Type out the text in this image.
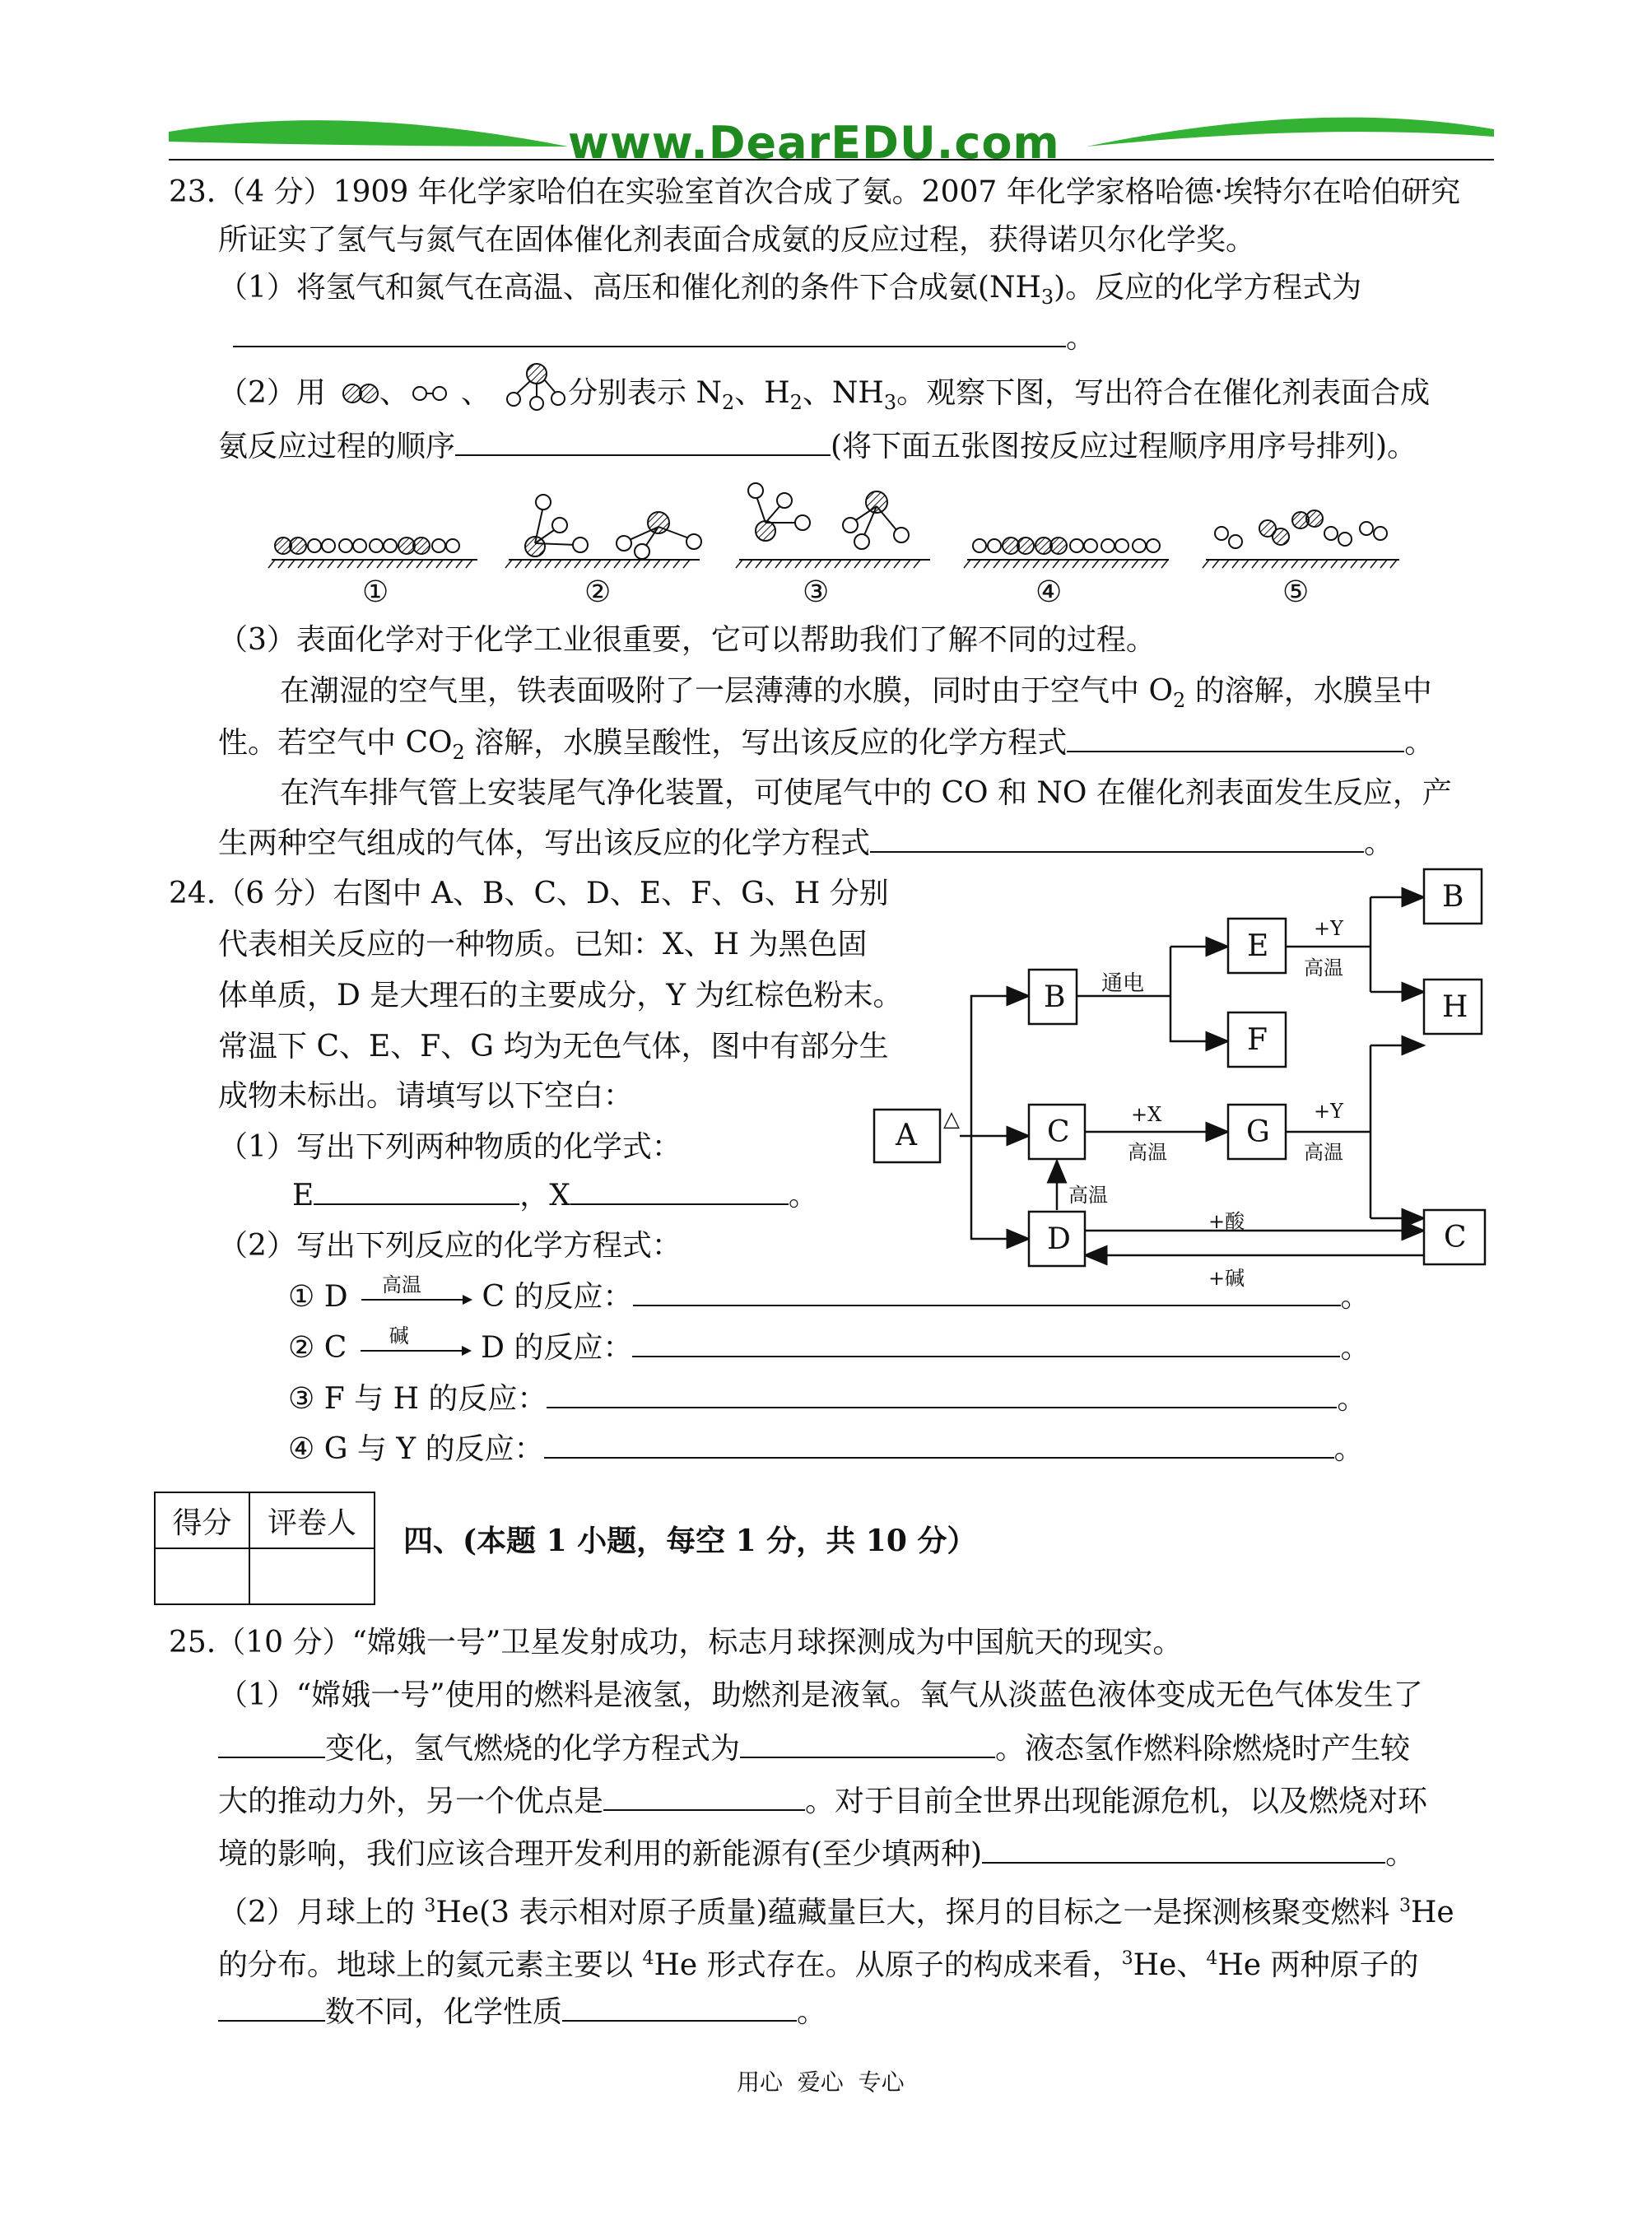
www.DearEDU.com
23.（4 分）1909 年化学家哈伯在实验室首次合成了氨。2007 年化学家格哈德·埃特尔在哈伯研究
所证实了氢气与氮气在固体催化剂表面合成氨的反应过程，获得诺贝尔化学奖。
（1）将氢气和氮气在高温、高压和催化剂的条件下合成氨$(NH_3)$。反应的化学方程式为
。
（2）用 、 、	分别表示 $N_2$、$H_2$、$NH_3$。观察下图，写出符合在催化剂表面合成
氨反应过程的顺序	(将下面五张图按反应过程顺序用序号排列)。
①	②	③	④	⑤
（3）表面化学对于化学工业很重要，它可以帮助我们了解不同的过程。
在潮湿的空气里，铁表面吸附了一层薄薄的水膜，同时由于空气中 $O_2$ 的溶解，水膜呈中
性。若空气中 $CO_2$ 溶解，水膜呈酸性，写出该反应的化学方程式	。
在汽车排气管上安装尾气净化装置，可使尾气中的 CO 和 NO 在催化剂表面发生反应，产
生两种空气组成的气体，写出该反应的化学方程式	。
24.（6 分）右图中 A、B、C、D、E、F、G、H 分别
代表相关反应的一种物质。已知：X、H 为黑色固
体单质，D 是大理石的主要成分，Y 为红棕色粉末。
常温下 C、E、F、G 均为无色气体，图中有部分生
成物未标出。请填写以下空白：
（1）写出下列两种物质的化学式：
E	，X	。
（2）写出下列反应的化学方程式：
① D 高温 C 的反应：	。
② C 碱 D 的反应：	。
③ F 与 H 的反应：	。
④ G 与 Y 的反应：	。
A △
B
C
D
E
F
G
B
H
C
通电
+Y
高温
+X
高温
+Y
高温
高温
+酸
+碱
得分	评卷人

四、(本题 1 小题，每空 1 分，共 10 分）
25.（10 分）“嫦娥一号”卫星发射成功，标志月球探测成为中国航天的现实。
（1）“嫦娥一号”使用的燃料是液氢，助燃剂是液氧。氧气从淡蓝色液体变成无色气体发生了
变化，氢气燃烧的化学方程式为	。液态氢作燃料除燃烧时产生较
大的推动力外，另一个优点是	。对于目前全世界出现能源危机，以及燃烧对环
境的影响，我们应该合理开发利用的新能源有(至少填两种)	。
（2）月球上的 $^3$He(3 表示相对原子质量)蕴藏量巨大，探月的目标之一是探测核聚变燃料 $^3$He
的分布。地球上的氦元素主要以 $^4$He 形式存在。从原子的构成来看，$^3$He、$^4$He 两种原子的
数不同，化学性质	。
用心  爱心  专心
